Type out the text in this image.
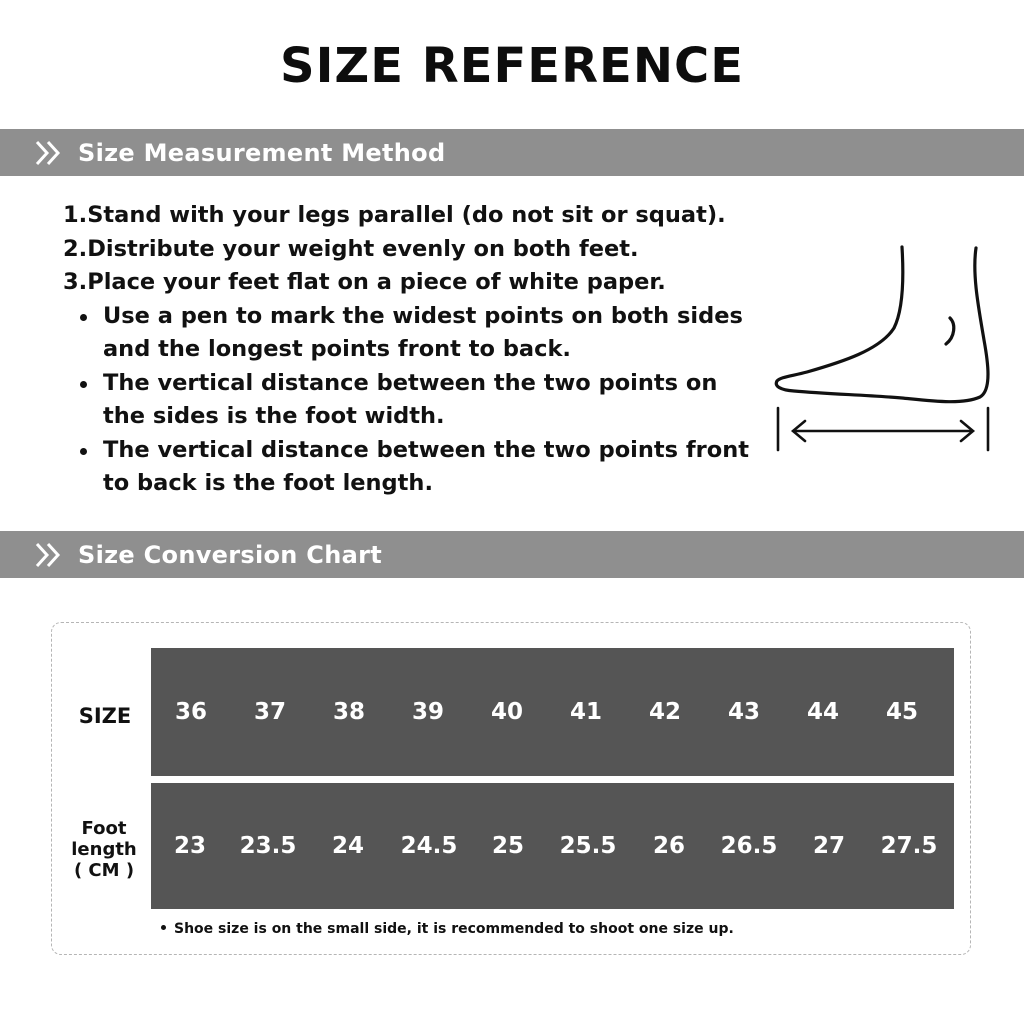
SIZE REFERENCE
Size Measurement Method
1.Stand with your legs parallel (do not sit or squat).
2.Distribute your weight evenly on both feet.
3.Place your feet flat on a piece of white paper.
Use a pen to mark the widest points on both sides and the longest points front to back.
The vertical distance between the two points on the sides is the foot width.
The vertical distance between the two points front to back is the foot length.
Size Conversion Chart
SIZE
Foot
length
( CM )
36 37 38 39 40 41 42 43 44 45
23 23.5 24 24.5 25 25.5 26 26.5 27 27.5
Shoe size is on the small side, it is recommended to shoot one size up.
